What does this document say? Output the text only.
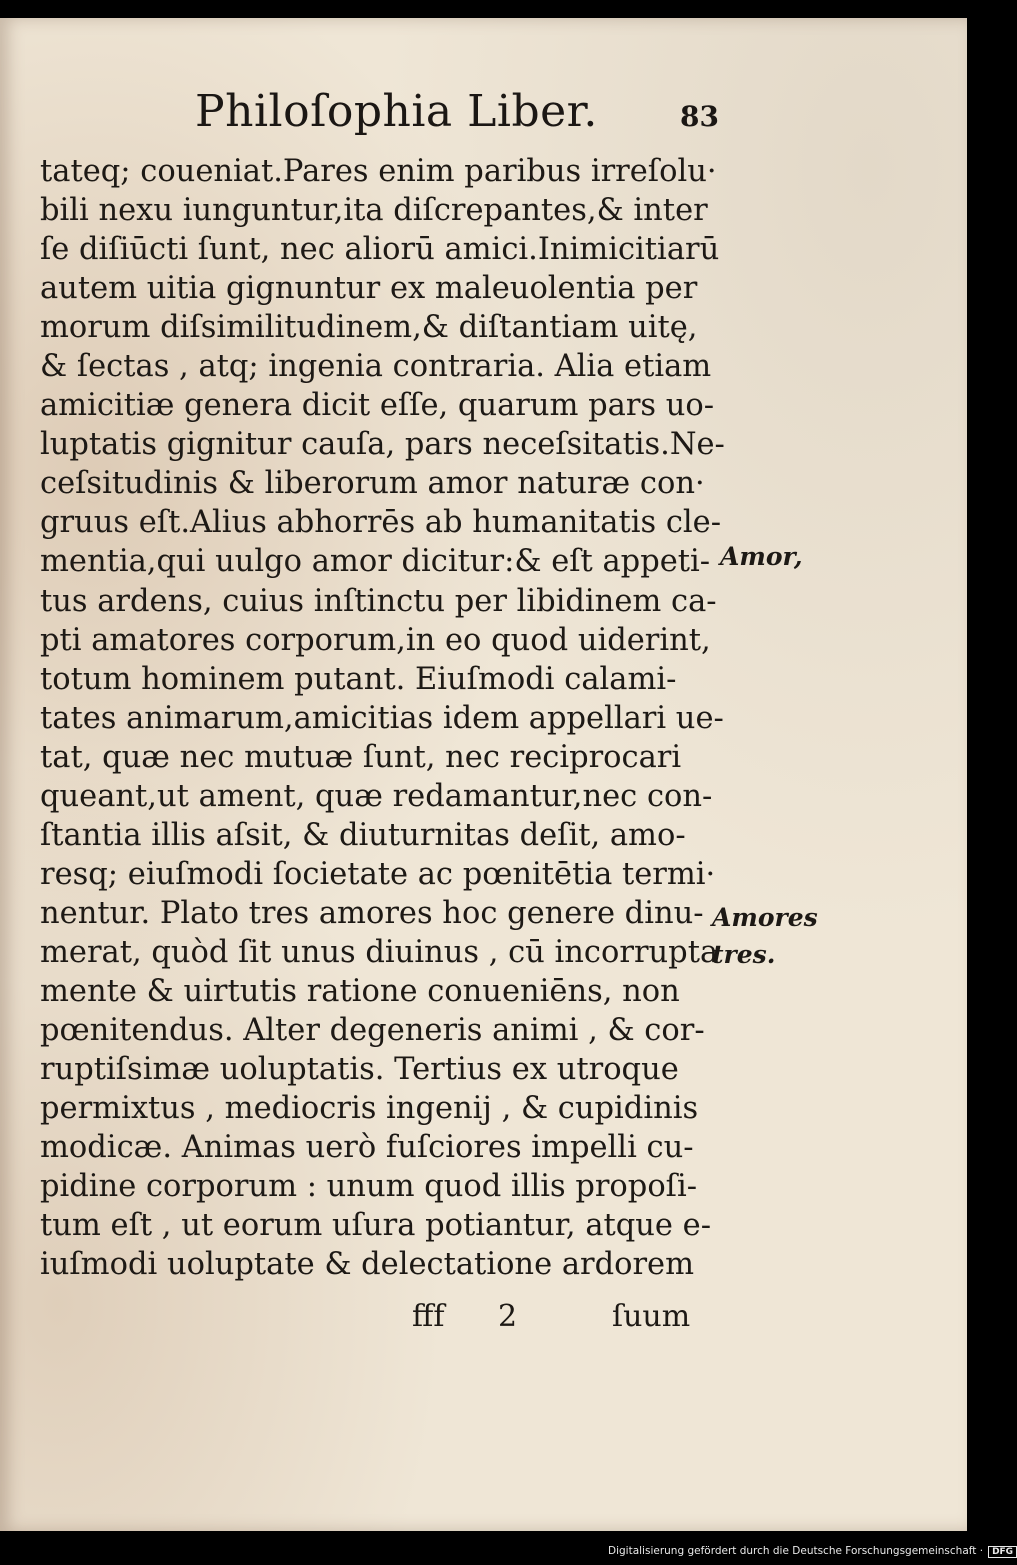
Philoſophia Liber.	83
tateq; coueniat.Pares enim paribus irreſolu·
bili nexu iunguntur,ita diſcrepantes,& inter
ſe diſiūcti ſunt, nec aliorū amici.Inimicitiarū
autem uitia gignuntur ex maleuolentia per
morum diſsimilitudinem,& diſtantiam uitę,
& ſectas , atq; ingenia contraria. Alia etiam
amicitiæ genera dicit eſſe, quarum pars uo-
luptatis gignitur cauſa, pars neceſsitatis.Ne-
ceſsitudinis & liberorum amor naturæ con·
gruus eſt.Alius abhorrēs ab humanitatis cle-
mentia,qui uulgo amor dicitur:& eſt appeti-
tus ardens, cuius inſtinctu per libidinem ca-
pti amatores corporum,in eo quod uiderint,
totum hominem putant. Eiuſmodi calami-
tates animarum,amicitias idem appellari ue-
tat, quæ nec mutuæ ſunt, nec reciprocari
queant,ut ament, quæ redamantur,nec con-
ſtantia illis aſsit, & diuturnitas deſit, amo-
resq; eiuſmodi ſocietate ac pœnitētia termi·
nentur. Plato tres amores hoc genere dinu-
merat, quòd ſit unus diuinus , cū incorrupta
mente & uirtutis ratione conueniēns, non
pœnitendus. Alter degeneris animi , & cor-
ruptiſsimæ uoluptatis. Tertius ex utroque
permixtus , mediocris ingenij , & cupidinis
modicæ. Animas uerò fuſciores impelli cu-
pidine corporum : unum quod illis propoſi-
tum eſt , ut eorum uſura potiantur, atque e-
iuſmodi uoluptate & delectatione ardorem
Amor,
Amores
tres.
fff 2	ſuum
Digitalisierung gefördert durch die Deutsche Forschungsgemeinschaft · DFG
